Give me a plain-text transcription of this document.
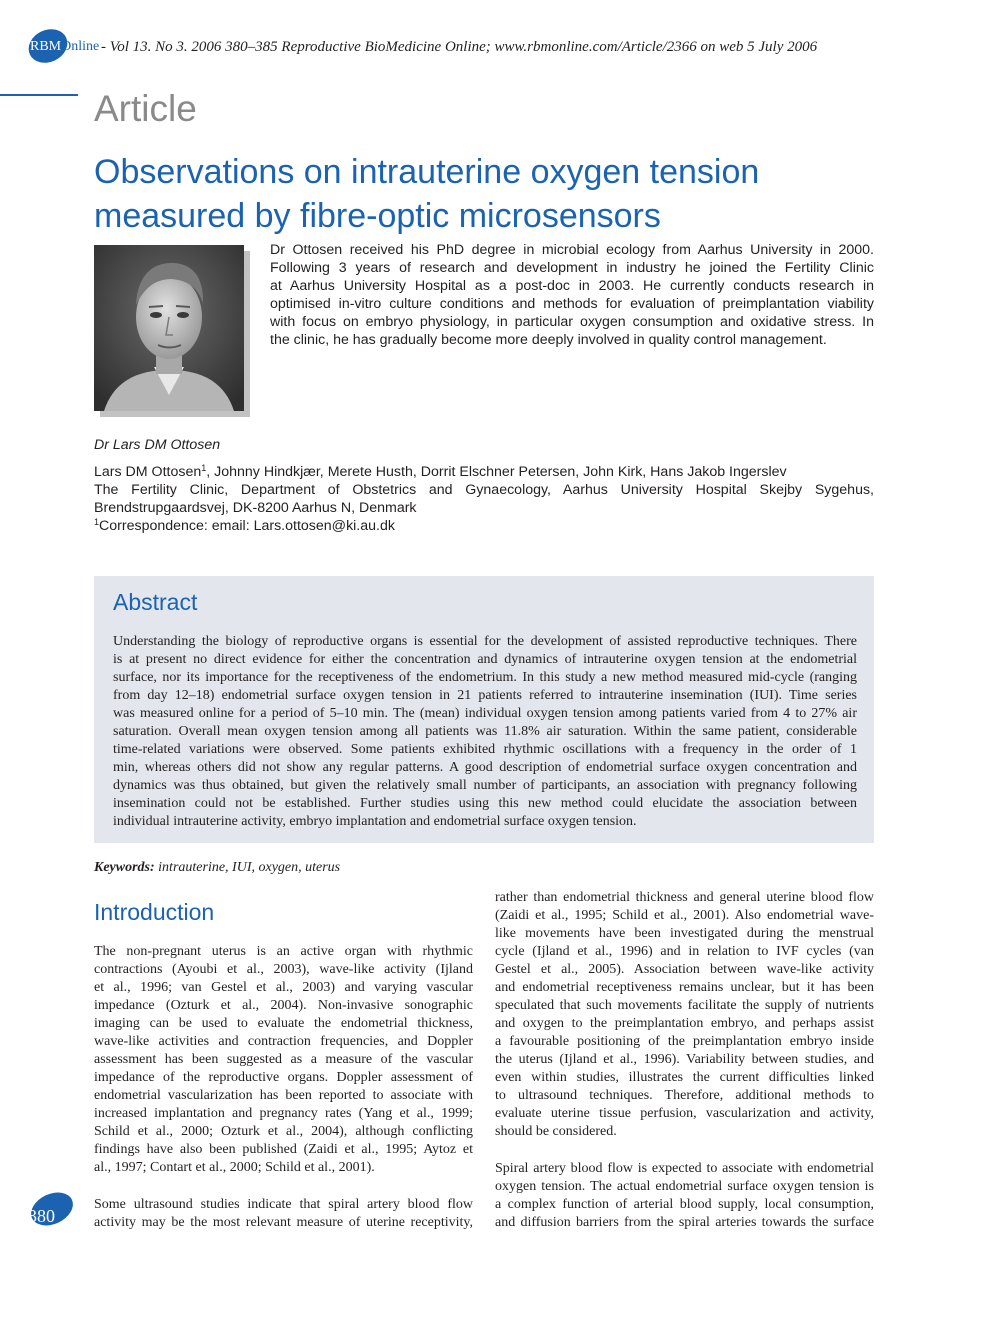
RBMOnline - Vol 13. No 3. 2006 380–385 Reproductive BioMedicine Online; www.rbmonline.com/Article/2366 on web 5 July 2006
Article
Observations on intrauterine oxygen tension
measured by fibre-optic microsensors
Dr Ottosen received his PhD degree in microbial ecology from Aarhus University in 2000.
Following 3 years of research and development in industry he joined the Fertility Clinic
at Aarhus University Hospital as a post-doc in 2003. He currently conducts research in
optimised in-vitro culture conditions and methods for evaluation of preimplantation viability
with focus on embryo physiology, in particular oxygen consumption and oxidative stress. In
the clinic, he has gradually become more deeply involved in quality control management.
Dr Lars DM Ottosen
Lars DM Ottosen$^1$, Johnny Hindkjær, Merete Husth, Dorrit Elschner Petersen, John Kirk, Hans Jakob Ingerslev
The Fertility Clinic, Department of Obstetrics and Gynaecology, Aarhus University Hospital Skejby Sygehus,
Brendstrupgaardsvej, DK-8200 Aarhus N, Denmark
$^1$Correspondence: email: Lars.ottosen@ki.au.dk
Abstract
Understanding the biology of reproductive organs is essential for the development of assisted reproductive techniques. There
is at present no direct evidence for either the concentration and dynamics of intrauterine oxygen tension at the endometrial
surface, nor its importance for the receptiveness of the endometrium. In this study a new method measured mid-cycle (ranging
from day 12–18) endometrial surface oxygen tension in 21 patients referred to intrauterine insemination (IUI). Time series
was measured online for a period of 5–10 min. The (mean) individual oxygen tension among patients varied from 4 to 27% air
saturation. Overall mean oxygen tension among all patients was 11.8% air saturation. Within the same patient, considerable
time-related variations were observed. Some patients exhibited rhythmic oscillations with a frequency in the order of 1
min, whereas others did not show any regular patterns. A good description of endometrial surface oxygen concentration and
dynamics was thus obtained, but given the relatively small number of participants, an association with pregnancy following
insemination could not be established. Further studies using this new method could elucidate the association between
individual intrauterine activity, embryo implantation and endometrial surface oxygen tension.
Keywords: intrauterine, IUI, oxygen, uterus
Introduction
The non-pregnant uterus is an active organ with rhythmic
contractions (Ayoubi et al., 2003), wave-like activity (Ijland
et al., 1996; van Gestel et al., 2003) and varying vascular
impedance (Ozturk et al., 2004). Non-invasive sonographic
imaging can be used to evaluate the endometrial thickness,
wave-like activities and contraction frequencies, and Doppler
assessment has been suggested as a measure of the vascular
impedance of the reproductive organs. Doppler assessment of
endometrial vascularization has been reported to associate with
increased implantation and pregnancy rates (Yang et al., 1999;
Schild et al., 2000; Ozturk et al., 2004), although conflicting
findings have also been published (Zaidi et al., 1995; Aytoz et
al., 1997; Contart et al., 2000; Schild et al., 2001).
Some ultrasound studies indicate that spiral artery blood flow
activity may be the most relevant measure of uterine receptivity,
rather than endometrial thickness and general uterine blood flow
(Zaidi et al., 1995; Schild et al., 2001). Also endometrial wave-
like movements have been investigated during the menstrual
cycle (Ijland et al., 1996) and in relation to IVF cycles (van
Gestel et al., 2005). Association between wave-like activity
and endometrial receptiveness remains unclear, but it has been
speculated that such movements facilitate the supply of nutrients
and oxygen to the preimplantation embryo, and perhaps assist
a favourable positioning of the preimplantation embryo inside
the uterus (Ijland et al., 1996). Variability between studies, and
even within studies, illustrates the current difficulties linked
to ultrasound techniques. Therefore, additional methods to
evaluate uterine tissue perfusion, vascularization and activity,
should be considered.
Spiral artery blood flow is expected to associate with endometrial
oxygen tension. The actual endometrial surface oxygen tension is
a complex function of arterial blood supply, local consumption,
and diffusion barriers from the spiral arteries towards the surface
380
